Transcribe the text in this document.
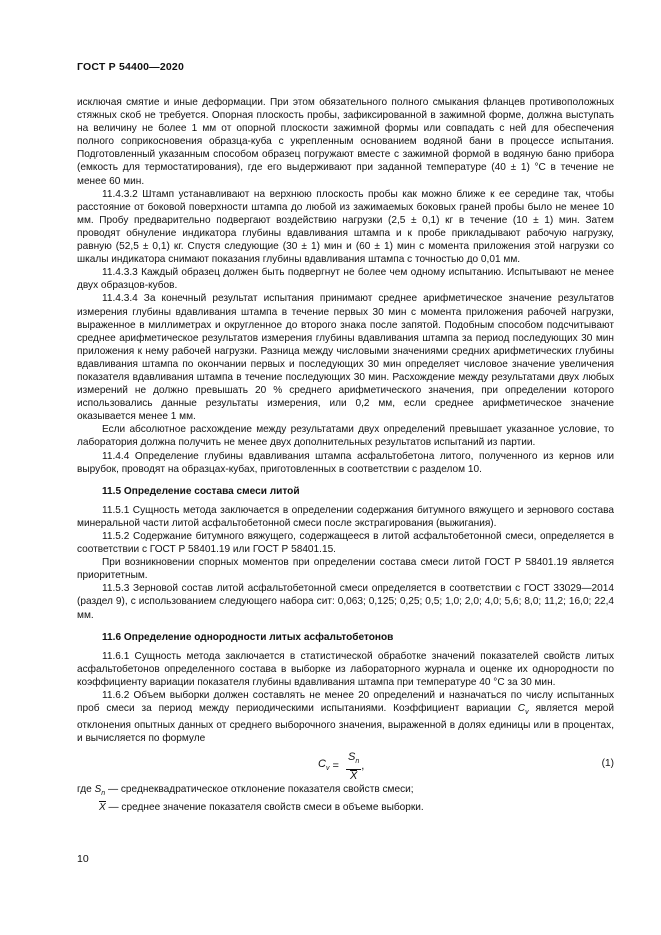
ГОСТ Р 54400—2020

исключая смятие и иные деформации. При этом обязательного полного смыкания фланцев противоположных стяжных скоб не требуется. Опорная плоскость пробы, зафиксированной в зажимной форме, должна выступать на величину не более 1 мм от опорной плоскости зажимной формы или совпадать с ней для обеспечения полного соприкосновения образца-куба с укрепленным основанием водяной бани в процессе испытания. Подготовленный указанным способом образец погружают вместе с зажимной формой в водяную баню прибора (емкость для термостатирования), где его выдерживают при заданной температуре (40 ± 1) °С в течение не менее 60 мин.

11.4.3.2 Штамп устанавливают на верхнюю плоскость пробы как можно ближе к ее середине так, чтобы расстояние от боковой поверхности штампа до любой из зажимаемых боковых граней пробы было не менее 10 мм. Пробу предварительно подвергают воздействию нагрузки (2,5 ± 0,1) кг в течение (10 ± 1) мин. Затем проводят обнуление индикатора глубины вдавливания штампа и к пробе прикладывают рабочую нагрузку, равную (52,5 ± 0,1) кг. Спустя следующие (30 ± 1) мин и (60 ± 1) мин с момента приложения этой нагрузки со шкалы индикатора снимают показания глубины вдавливания штампа с точностью до 0,01 мм.

11.4.3.3 Каждый образец должен быть подвергнут не более чем одному испытанию. Испытывают не менее двух образцов-кубов.

11.4.3.4 За конечный результат испытания принимают среднее арифметическое значение результатов измерения глубины вдавливания штампа в течение первых 30 мин с момента приложения рабочей нагрузки, выраженное в миллиметрах и округленное до второго знака после запятой. Подобным способом подсчитывают среднее арифметическое результатов измерения глубины вдавливания штампа за период последующих 30 мин приложения к нему рабочей нагрузки. Разница между числовыми значениями средних арифметических глубины вдавливания штампа по окончании первых и последующих 30 мин определяет числовое значение увеличения показателя вдавливания штампа в течение последующих 30 мин. Расхождение между результатами двух любых измерений не должно превышать 20 % среднего арифметического значения, при определении которого использовались данные результаты измерения, или 0,2 мм, если среднее арифметическое значение оказывается менее 1 мм.

Если абсолютное расхождение между результатами двух определений превышает указанное условие, то лаборатория должна получить не менее двух дополнительных результатов испытаний из партии.

11.4.4 Определение глубины вдавливания штампа асфальтобетона литого, полученного из кернов или вырубок, проводят на образцах-кубах, приготовленных в соответствии с разделом 10.

11.5 Определение состава смеси литой

11.5.1 Сущность метода заключается в определении содержания битумного вяжущего и зернового состава минеральной части литой асфальтобетонной смеси после экстрагирования (выжигания).

11.5.2 Содержание битумного вяжущего, содержащееся в литой асфальтобетонной смеси, определяется в соответствии с ГОСТ Р 58401.19 или ГОСТ Р 58401.15.

При возникновении спорных моментов при определении состава смеси литой ГОСТ Р 58401.19 является приоритетным.

11.5.3 Зерновой состав литой асфальтобетонной смеси определяется в соответствии с ГОСТ 33029—2014 (раздел 9), с использованием следующего набора сит: 0,063; 0,125; 0,25; 0,5; 1,0; 2,0; 4,0; 5,6; 8,0; 11,2; 16,0; 22,4 мм.

11.6 Определение однородности литых асфальтобетонов

11.6.1 Сущность метода заключается в статистической обработке значений показателей свойств литых асфальтобетонов определенного состава в выборке из лабораторного журнала и оценке их однородности по коэффициенту вариации показателя глубины вдавливания штампа при температуре 40 °С за 30 мин.

11.6.2 Объем выборки должен составлять не менее 20 определений и назначаться по числу испытанных проб смеси за период между периодическими испытаниями. Коэффициент вариации $C_v$ является мерой отклонения опытных данных от среднего выборочного значения, выраженной в долях единицы или в процентах, и вычисляется по формуле

$C_v = \frac{S_n}{X}$ ,	(1)

где $S_n$ — среднеквадратическое отклонение показателя свойств смеси;

X — среднее значение показателя свойств смеси в объеме выборки.

10
